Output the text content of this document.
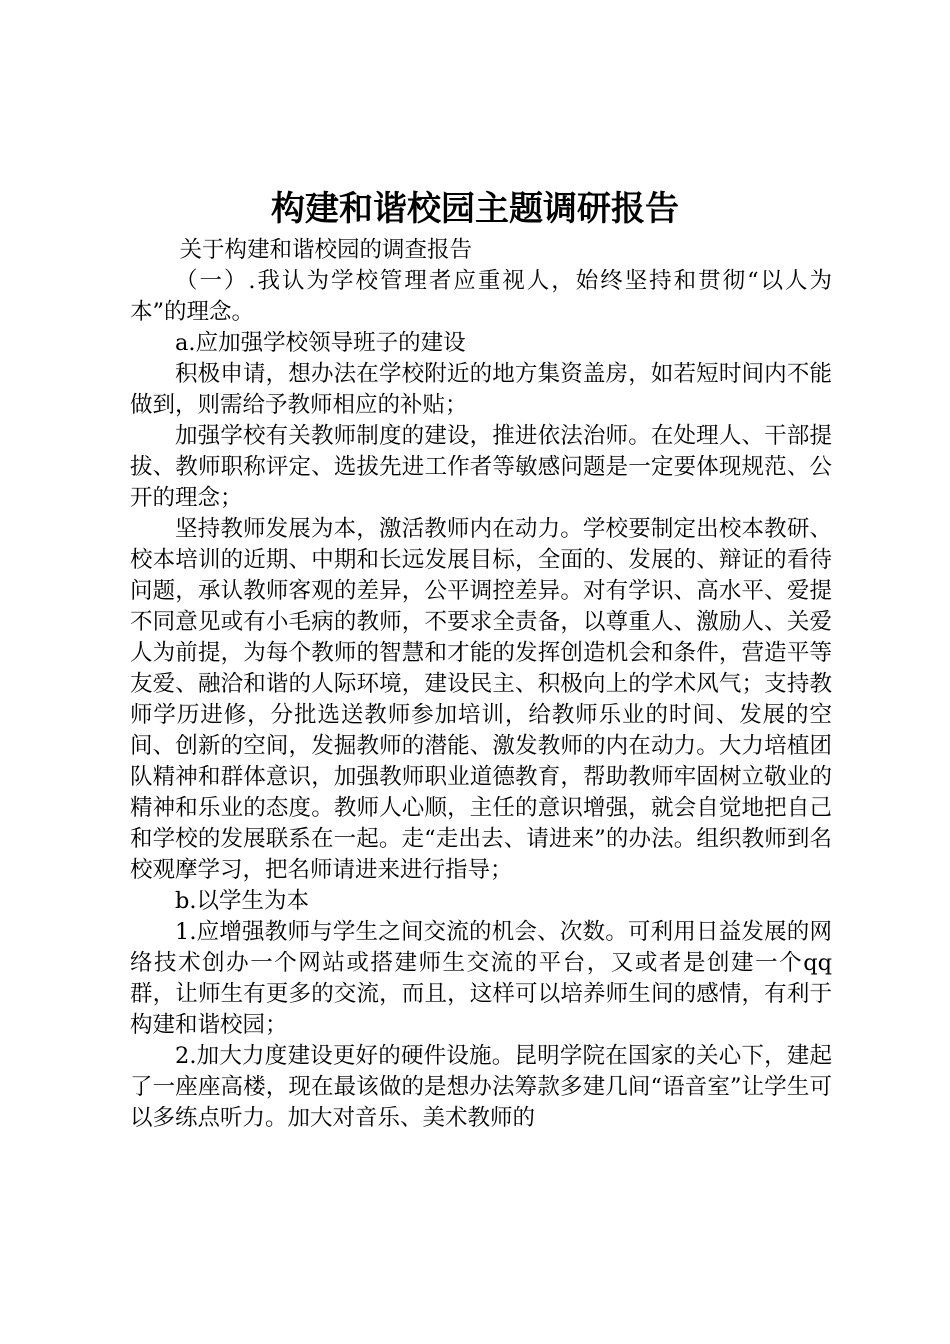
构建和谐校园主题调研报告

关于构建和谐校园的调查报告

（一）.我认为学校管理者应重视人，始终坚持和贯彻“以人为本”的理念。

a.应加强学校领导班子的建设

积极申请，想办法在学校附近的地方集资盖房，如若短时间内不能做到，则需给予教师相应的补贴；

加强学校有关教师制度的建设，推进依法治师。在处理人、干部提拔、教师职称评定、选拔先进工作者等敏感问题是一定要体现规范、公开的理念；

坚持教师发展为本，激活教师内在动力。学校要制定出校本教研、校本培训的近期、中期和长远发展目标，全面的、发展的、辩证的看待问题，承认教师客观的差异，公平调控差异。对有学识、高水平、爱提不同意见或有小毛病的教师，不要求全责备，以尊重人、激励人、关爱人为前提，为每个教师的智慧和才能的发挥创造机会和条件，营造平等友爱、融洽和谐的人际环境，建设民主、积极向上的学术风气；支持教师学历进修，分批选送教师参加培训，给教师乐业的时间、发展的空间、创新的空间，发掘教师的潜能、激发教师的内在动力。大力培植团队精神和群体意识，加强教师职业道德教育，帮助教师牢固树立敬业的精神和乐业的态度。教师人心顺，主任的意识增强，就会自觉地把自己和学校的发展联系在一起。走“走出去、请进来”的办法。组织教师到名校观摩学习，把名师请进来进行指导；

b.以学生为本

1.应增强教师与学生之间交流的机会、次数。可利用日益发展的网络技术创办一个网站或搭建师生交流的平台，又或者是创建一个qq群，让师生有更多的交流，而且，这样可以培养师生间的感情，有利于构建和谐校园；

2.加大力度建设更好的硬件设施。昆明学院在国家的关心下，建起了一座座高楼，现在最该做的是想办法筹款多建几间“语音室”让学生可以多练点听力。加大对音乐、美术教师的
